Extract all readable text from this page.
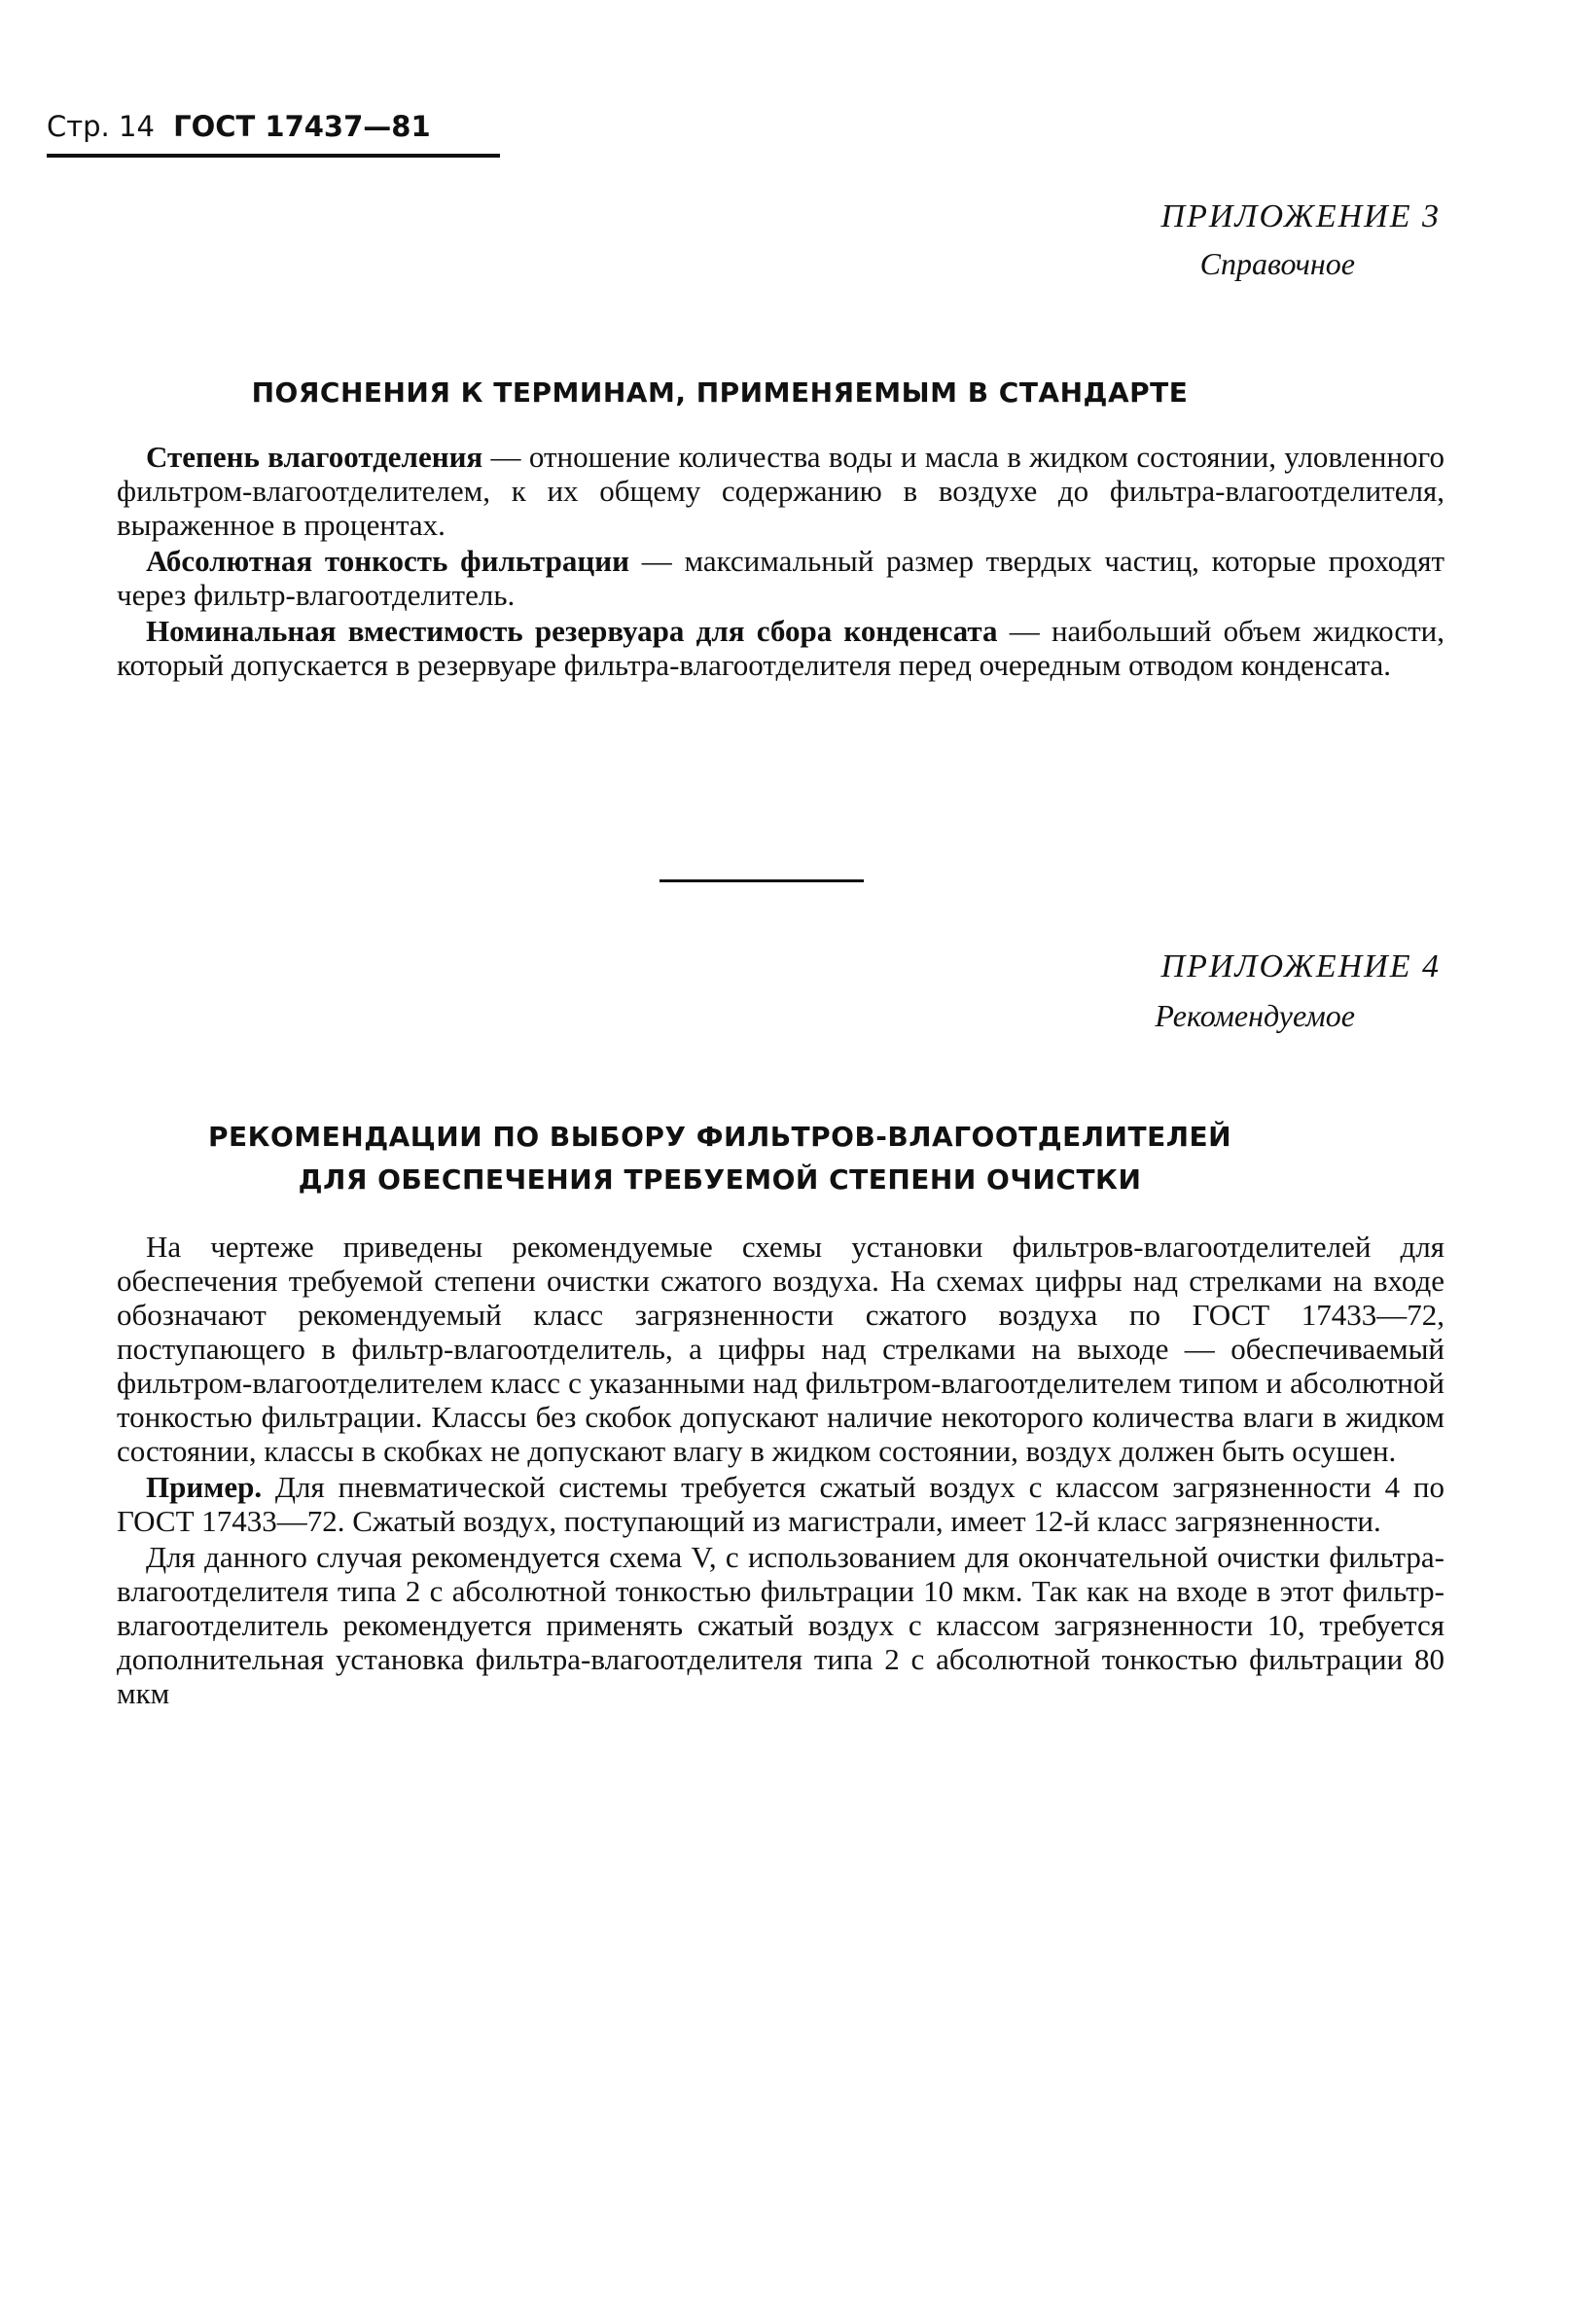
Стр. 14 ГОСТ 17437—81
ПРИЛОЖЕНИЕ 3
Справочное
ПОЯСНЕНИЯ К ТЕРМИНАМ, ПРИМЕНЯЕМЫМ В СТАНДАРТЕ

Степень влагоотделения — отношение количества воды и масла в жидком состоянии, уловленного фильтром-влагоотделителем, к их общему содержанию в воздухе до фильтра-влагоотделителя, выраженное в процентах.

Абсолютная тонкость фильтрации — максимальный размер твердых частиц, которые проходят через фильтр-влагоотделитель.

Номинальная вместимость резервуара для сбора конденсата — наибольший объем жидкости, который допускается в резервуаре фильтра-влагоотделителя перед очередным отводом конденсата.

ПРИЛОЖЕНИЕ 4
Рекомендуемое
РЕКОМЕНДАЦИИ ПО ВЫБОРУ ФИЛЬТРОВ-ВЛАГООТДЕЛИТЕЛЕЙ
ДЛЯ ОБЕСПЕЧЕНИЯ ТРЕБУЕМОЙ СТЕПЕНИ ОЧИСТКИ

На чертеже приведены рекомендуемые схемы установки фильтров-влагоотделителей для обеспечения требуемой степени очистки сжатого воздуха. На схемах цифры над стрелками на входе обозначают рекомендуемый класс загрязненности сжатого воздуха по ГОСТ 17433—72, поступающего в фильтр-влагоотделитель, а цифры над стрелками на выходе — обеспечиваемый фильтром-влагоотделителем класс с указанными над фильтром-влагоотделителем типом и абсолютной тонкостью фильтрации. Классы без скобок допускают наличие некоторого количества влаги в жидком состоянии, классы в скобках не допускают влагу в жидком состоянии, воздух должен быть осушен.

Пример. Для пневматической системы требуется сжатый воздух с классом загрязненности 4 по ГОСТ 17433—72. Сжатый воздух, поступающий из магистрали, имеет 12-й класс загрязненности.

Для данного случая рекомендуется схема V, с использованием для окончательной очистки фильтра-влагоотделителя типа 2 с абсолютной тонкостью фильтрации 10 мкм. Так как на входе в этот фильтр-влагоотделитель рекомендуется применять сжатый воздух с классом загрязненности 10, требуется дополнительная установка фильтра-влагоотделителя типа 2 с абсолютной тонкостью фильтрации 80 мкм
